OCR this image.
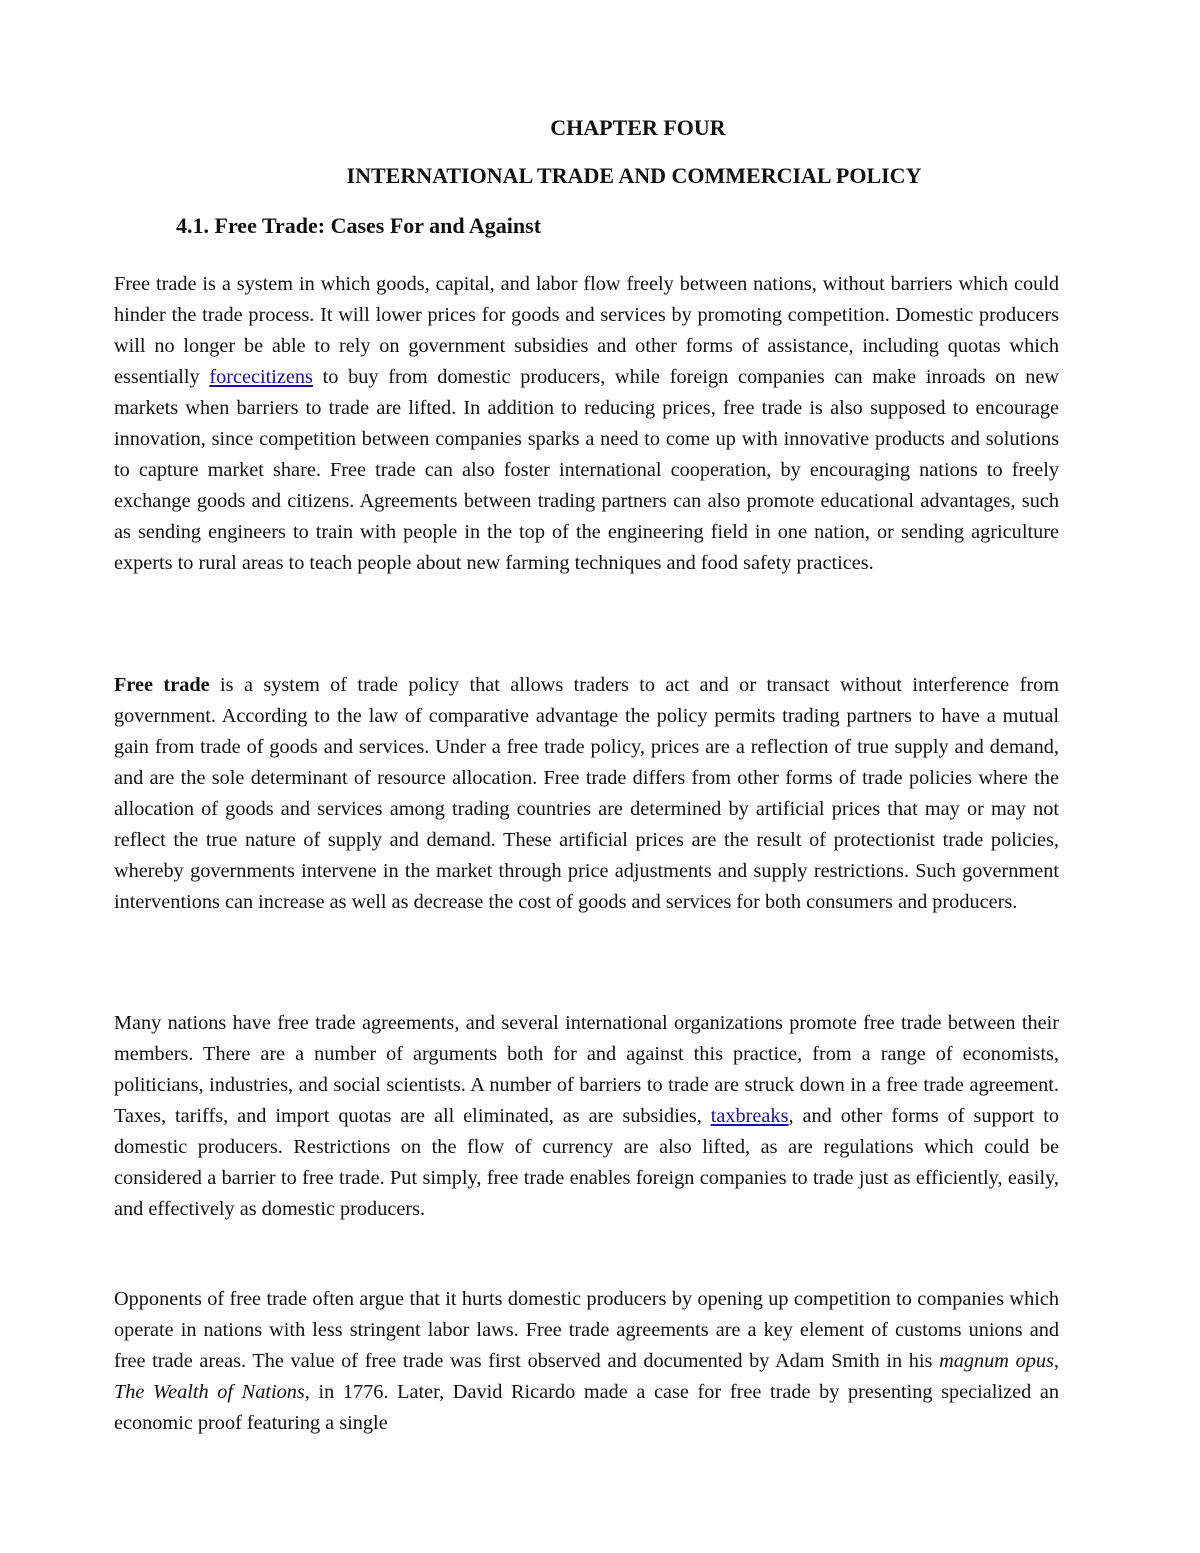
CHAPTER FOUR
INTERNATIONAL TRADE AND COMMERCIAL POLICY
4.1. Free Trade: Cases For and Against

Free trade is a system in which goods, capital, and labor flow freely between nations, without barriers which could hinder the trade process. It will lower prices for goods and services by promoting competition. Domestic producers will no longer be able to rely on government subsidies and other forms of assistance, including quotas which essentially forcecitizens to buy from domestic producers, while foreign companies can make inroads on new markets when barriers to trade are lifted. In addition to reducing prices, free trade is also supposed to encourage innovation, since competition between companies sparks a need to come up with innovative products and solutions to capture market share. Free trade can also foster international cooperation, by encouraging nations to freely exchange goods and citizens. Agreements between trading partners can also promote educational advantages, such as sending engineers to train with people in the top of the engineering field in one nation, or sending agriculture experts to rural areas to teach people about new farming techniques and food safety practices.

Free trade is a system of trade policy that allows traders to act and or transact without interference from government. According to the law of comparative advantage the policy permits trading partners to have a mutual gain from trade of goods and services. Under a free trade policy, prices are a reflection of true supply and demand, and are the sole determinant of resource allocation. Free trade differs from other forms of trade policies where the allocation of goods and services among trading countries are determined by artificial prices that may or may not reflect the true nature of supply and demand. These artificial prices are the result of protectionist trade policies, whereby governments intervene in the market through price adjustments and supply restrictions. Such government interventions can increase as well as decrease the cost of goods and services for both consumers and producers.

Many nations have free trade agreements, and several international organizations promote free trade between their members. There are a number of arguments both for and against this practice, from a range of economists, politicians, industries, and social scientists. A number of barriers to trade are struck down in a free trade agreement. Taxes, tariffs, and import quotas are all eliminated, as are subsidies, taxbreaks, and other forms of support to domestic producers. Restrictions on the flow of currency are also lifted, as are regulations which could be considered a barrier to free trade. Put simply, free trade enables foreign companies to trade just as efficiently, easily, and effectively as domestic producers.

Opponents of free trade often argue that it hurts domestic producers by opening up competition to companies which operate in nations with less stringent labor laws. Free trade agreements are a key element of customs unions and free trade areas. The value of free trade was first observed and documented by Adam Smith in his magnum opus, The Wealth of Nations, in 1776. Later, David Ricardo made a case for free trade by presenting specialized an economic proof featuring a single
